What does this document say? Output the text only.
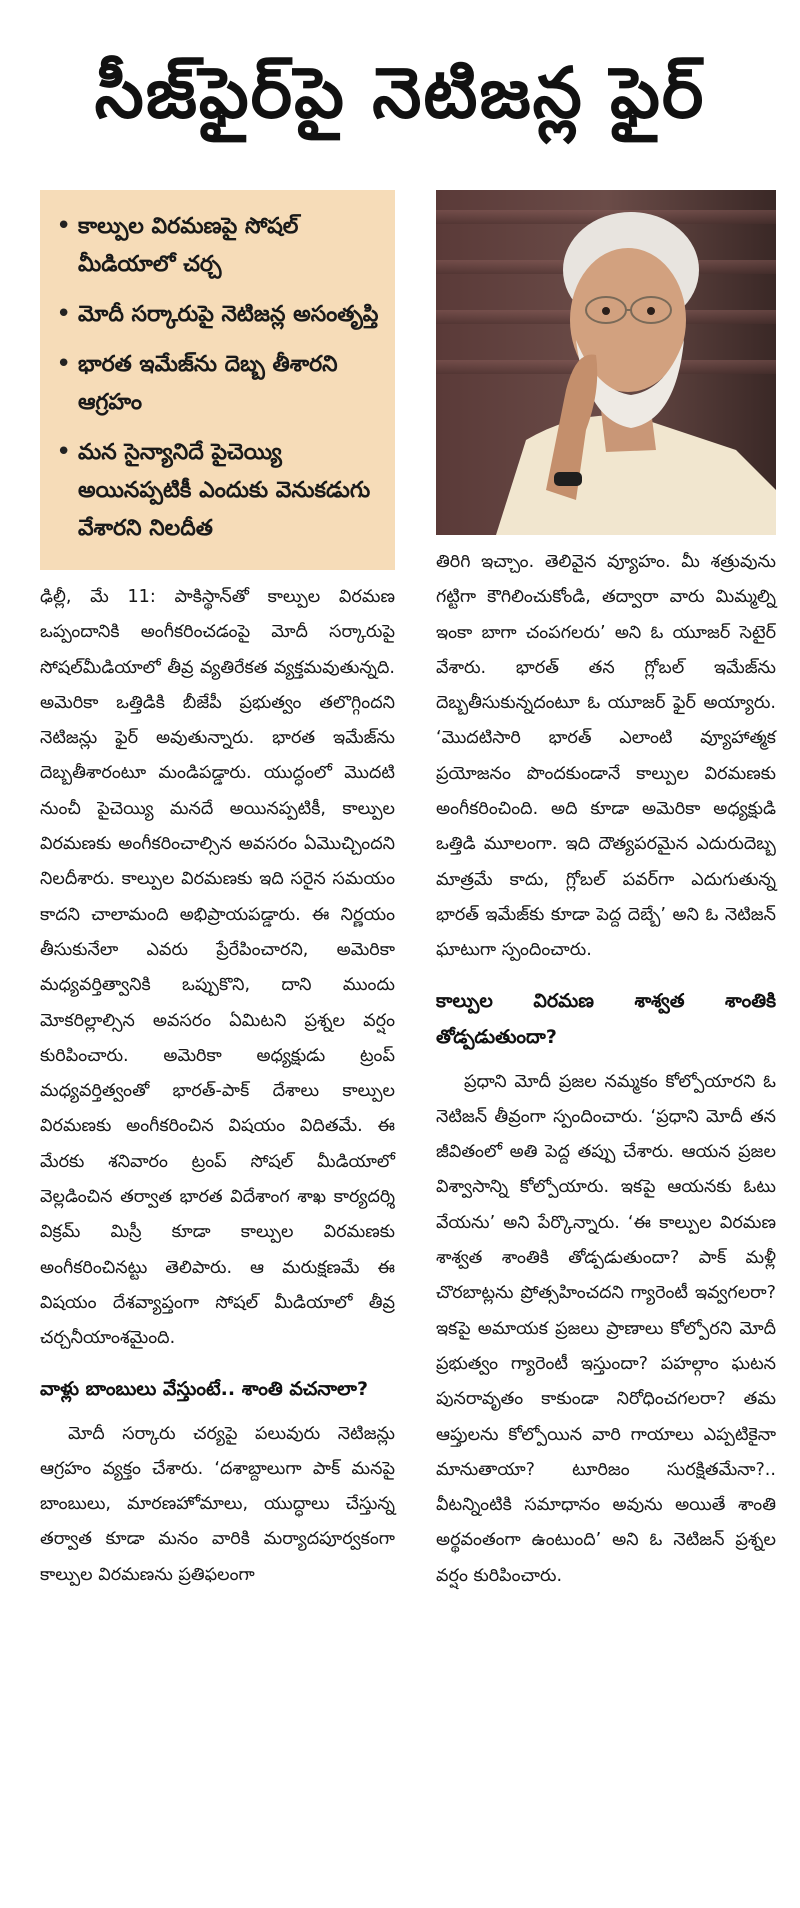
సీజ్‌ఫైర్‌పై నెటిజన్ల ఫైర్
• కాల్పుల విరమణపై సోషల్‌ మీడియాలో చర్చ
• మోదీ సర్కారుపై నెటిజన్ల అసంతృప్తి
• భారత ఇమేజ్‌ను దెబ్బ తీశారని ఆగ్రహం
• మన సైన్యానిదే పైచెయ్యి అయినప్పటికీ ఎందుకు వెనుకడుగు వేశారని నిలదీత

ఢిల్లీ, మే 11: పాకిస్థాన్‌తో కాల్పుల విరమణ ఒప్పందానికి అంగీకరించడంపై మోదీ సర్కారుపై సోషల్‌మీడియాలో తీవ్ర వ్యతిరేకత వ్యక్తమవుతున్నది. అమెరికా ఒత్తిడికి బీజేపీ ప్రభుత్వం తలొగ్గిందని నెటిజన్లు ఫైర్‌ అవుతున్నారు. భారత ఇమేజ్‌ను దెబ్బతీశారంటూ మండిపడ్డారు. యుద్ధంలో మొదటి నుంచీ పైచెయ్యి మనదే అయినప్పటికీ, కాల్పుల విరమణకు అంగీకరించాల్సిన అవసరం ఏమొచ్చిందని నిలదీశారు. కాల్పుల విరమణకు ఇది సరైన సమయం కాదని చాలామంది అభిప్రాయపడ్డారు. ఈ నిర్ణయం తీసుకునేలా ఎవరు ప్రేరేపించారని, అమెరికా మధ్యవర్తిత్వానికి ఒప్పుకొని, దాని ముందు మోకరిల్లాల్సిన అవసరం ఏమిటని ప్రశ్నల వర్షం కురిపించారు. అమెరికా అధ్యక్షుడు ట్రంప్‌ మధ్యవర్తిత్వంతో భారత్‌-పాక్‌ దేశాలు కాల్పుల విరమణకు అంగీకరించిన విషయం విదితమే. ఈ మేరకు శనివారం ట్రంప్‌ సోషల్‌ మీడియాలో వెల్లడించిన తర్వాత భారత విదేశాంగ శాఖ కార్యదర్శి విక్రమ్‌ మిస్రీ కూడా కాల్పుల విరమణకు అంగీకరించినట్టు తెలిపారు. ఆ మరుక్షణమే ఈ విషయం దేశవ్యాప్తంగా సోషల్‌ మీడియాలో తీవ్ర చర్చనీయాంశమైంది.

వాళ్లు బాంబులు వేస్తుంటే.. శాంతి వచనాలా?

మోదీ సర్కారు చర్యపై పలువురు నెటిజన్లు ఆగ్రహం వ్యక్తం చేశారు. ‘దశాబ్దాలుగా పాక్‌ మనపై బాంబులు, మారణహోమాలు, యుద్ధాలు చేస్తున్న తర్వాత కూడా మనం వారికి మర్యాదపూర్వకంగా కాల్పుల విరమణను ప్రతిఫలంగా

తిరిగి ఇచ్చాం. తెలివైన వ్యూహం. మీ శత్రువును గట్టిగా కౌగిలించుకోండి, తద్వారా వారు మిమ్మల్ని ఇంకా బాగా చంపగలరు’ అని ఓ యూజర్‌ సెటైర్‌ వేశారు. భారత్‌ తన గ్లోబల్‌ ఇమేజ్‌ను దెబ్బతీసుకున్నదంటూ ఓ యూజర్‌ ఫైర్‌ అయ్యారు. ‘మొదటిసారి భారత్‌ ఎలాంటి వ్యూహాత్మక ప్రయోజనం పొందకుండానే కాల్పుల విరమణకు అంగీకరించింది. అది కూడా అమెరికా అధ్యక్షుడి ఒత్తిడి మూలంగా. ఇది దౌత్యపరమైన ఎదురుదెబ్బ మాత్రమే కాదు, గ్లోబల్‌ పవర్‌గా ఎదుగుతున్న భారత్‌ ఇమేజ్‌కు కూడా పెద్ద దెబ్బే’ అని ఓ నెటిజన్‌ ఘాటుగా స్పందించారు.

కాల్పుల విరమణ శాశ్వత శాంతికి తోడ్పడుతుందా?

ప్రధాని మోదీ ప్రజల నమ్మకం కోల్పోయారని ఓ నెటిజన్‌ తీవ్రంగా స్పందించారు. ‘ప్రధాని మోదీ తన జీవితంలో అతి పెద్ద తప్పు చేశారు. ఆయన ప్రజల విశ్వాసాన్ని కోల్పోయారు. ఇకపై ఆయనకు ఓటు వేయను’ అని పేర్కొన్నారు. ‘ఈ కాల్పుల విరమణ శాశ్వత శాంతికి తోడ్పడుతుందా? పాక్‌ మళ్లీ చొరబాట్లను ప్రోత్సహించదని గ్యారెంటీ ఇవ్వగలరా? ఇకపై అమాయక ప్రజలు ప్రాణాలు కోల్పోరని మోదీ ప్రభుత్వం గ్యారెంటీ ఇస్తుందా? పహల్గాం ఘటన పునరావృతం కాకుండా నిరోధించగలరా? తమ ఆప్తులను కోల్పోయిన వారి గాయాలు ఎప్పటికైనా మానుతాయా? టూరిజం సురక్షితమేనా?.. వీటన్నింటికి సమాధానం అవును అయితే శాంతి అర్థవంతంగా ఉంటుంది’ అని ఓ నెటిజన్‌ ప్రశ్నల వర్షం కురిపించారు.
